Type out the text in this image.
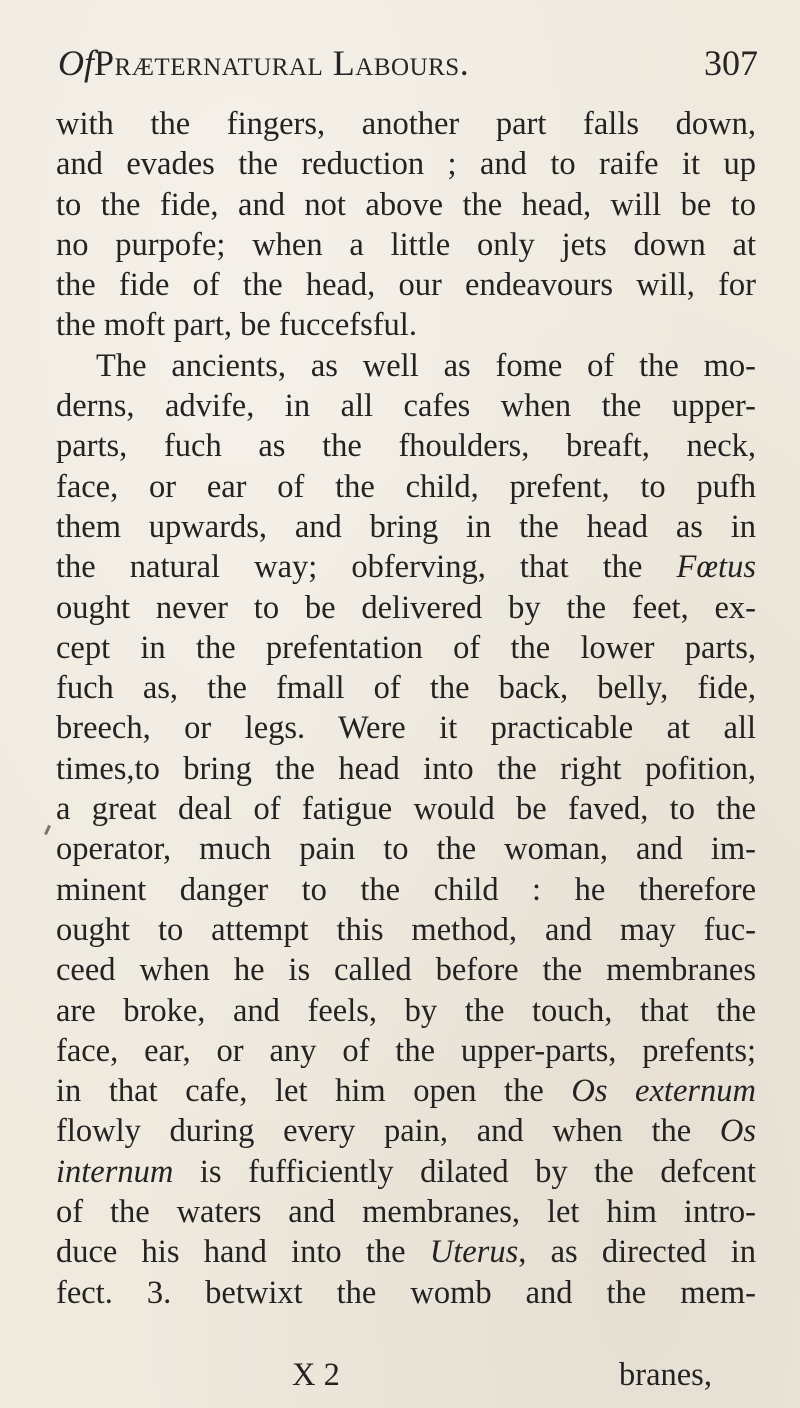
OfPræternatural Labours.	307
with the fingers, another part falls down,
and evades the reduction ; and to raife it up
to the fide, and not above the head, will be to
no purpofe; when a little only jets down at
the fide of the head, our endeavours will, for
the moft part, be fuccefsful.
The ancients, as well as fome of the mo-
derns, advife, in all cafes when the upper-
parts, fuch as the fhoulders, breaft, neck,
face, or ear of the child, prefent, to pufh
them upwards, and bring in the head as in
the natural way; obferving, that the Fœtus
ought never to be delivered by the feet, ex-
cept in the prefentation of the lower parts,
fuch as, the fmall of the back, belly, fide,
breech, or legs. Were it practicable at all
times,to bring the head into the right pofition,
a great deal of fatigue would be faved, to the
operator, much pain to the woman, and im-
minent danger to the child : he therefore
ought to attempt this method, and may fuc-
ceed when he is called before the membranes
are broke, and feels, by the touch, that the
face, ear, or any of the upper-parts, prefents;
in that cafe, let him open the Os externum
flowly during every pain, and when the Os
internum is fufficiently dilated by the defcent
of the waters and membranes, let him intro-
duce his hand into the Uterus, as directed in
fect. 3. betwixt the womb and the mem-
X 2	branes,
